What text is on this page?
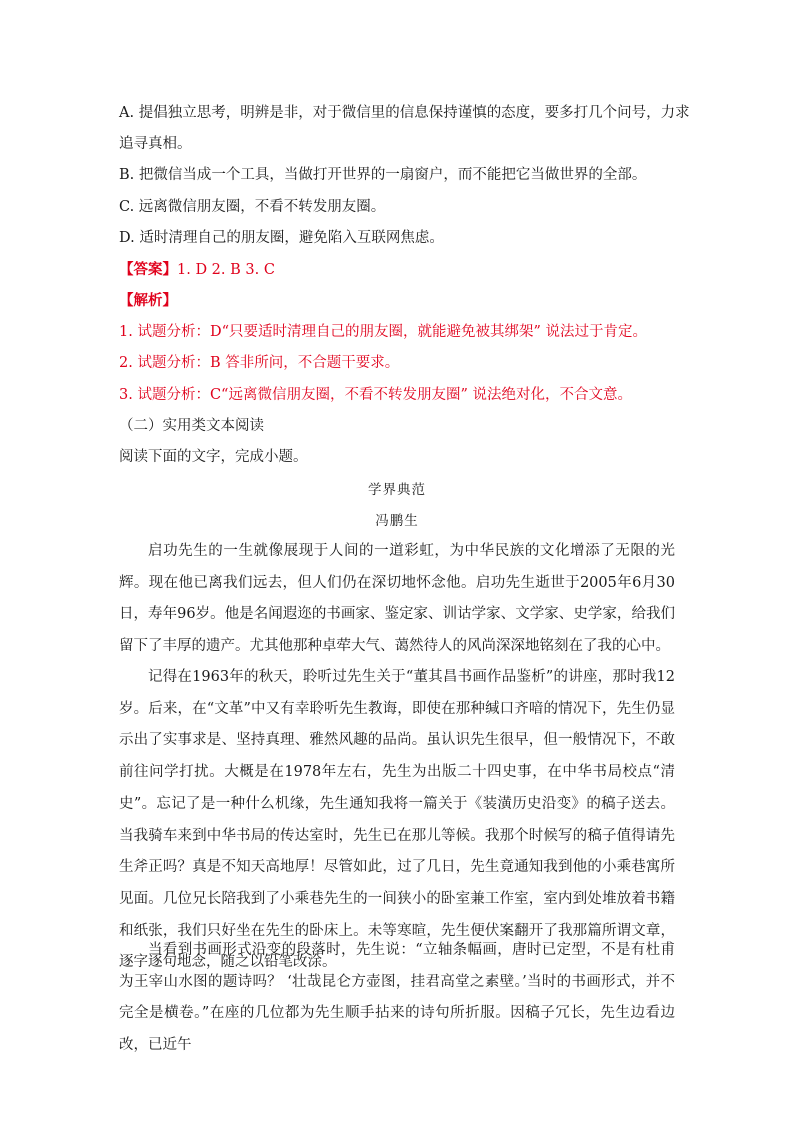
A. 提倡独立思考，明辨是非，对于微信里的信息保持谨慎的态度，要多打几个问号，力求
追寻真相。
B. 把微信当成一个工具，当做打开世界的一扇窗户，而不能把它当做世界的全部。
C. 远离微信朋友圈，不看不转发朋友圈。
D. 适时清理自己的朋友圈，避免陷入互联网焦虑。
【答案】1. D 2. B 3. C
【解析】
1. 试题分析：D“只要适时清理自己的朋友圈，就能避免被其绑架” 说法过于肯定。
2. 试题分析：B 答非所问，不合题干要求。
3. 试题分析：C“远离微信朋友圈，不看不转发朋友圈” 说法绝对化，不合文意。
（二）实用类文本阅读
阅读下面的文字，完成小题。
学界典范
冯鹏生
启功先生的一生就像展现于人间的一道彩虹，为中华民族的文化增添了无限的光辉。现在他已离我们远去，但人们仍在深切地怀念他。启功先生逝世于2005年6月30日，寿年96岁。他是名闻遐迩的书画家、鉴定家、训诂学家、文学家、史学家，给我们留下了丰厚的遗产。尤其他那种卓荦大气、蔼然待人的风尚深深地铭刻在了我的心中。
记得在1963年的秋天，聆听过先生关于“董其昌书画作品鉴析”的讲座，那时我12岁。后来，在“文革”中又有幸聆听先生教诲，即使在那种缄口齐喑的情况下，先生仍显示出了实事求是、坚持真理、雅然风趣的品尚。虽认识先生很早，但一般情况下，不敢前往问学打扰。大概是在1978年左右，先生为出版二十四史事，在中华书局校点“清史”。忘记了是一种什么机缘，先生通知我将一篇关于《装潢历史沿变》的稿子送去。当我骑车来到中华书局的传达室时，先生已在那儿等候。我那个时候写的稿子值得请先生斧正吗？真是不知天高地厚！尽管如此，过了几日，先生竟通知我到他的小乘巷寓所见面。几位兄长陪我到了小乘巷先生的一间狭小的卧室兼工作室，室内到处堆放着书籍和纸张，我们只好坐在先生的卧床上。未等寒暄，先生便伏案翻开了我那篇所谓文章，逐字逐句地念，随之以铅笔改涂。
当看到书画形式沿变的段落时，先生说：“立轴条幅画，唐时已定型，不是有杜甫为王宰山水图的题诗吗？ ‘壮哉昆仑方壶图，挂君高堂之素壁。’当时的书画形式，并不完全是横卷。”在座的几位都为先生顺手拈来的诗句所折服。因稿子冗长，先生边看边改，已近午
